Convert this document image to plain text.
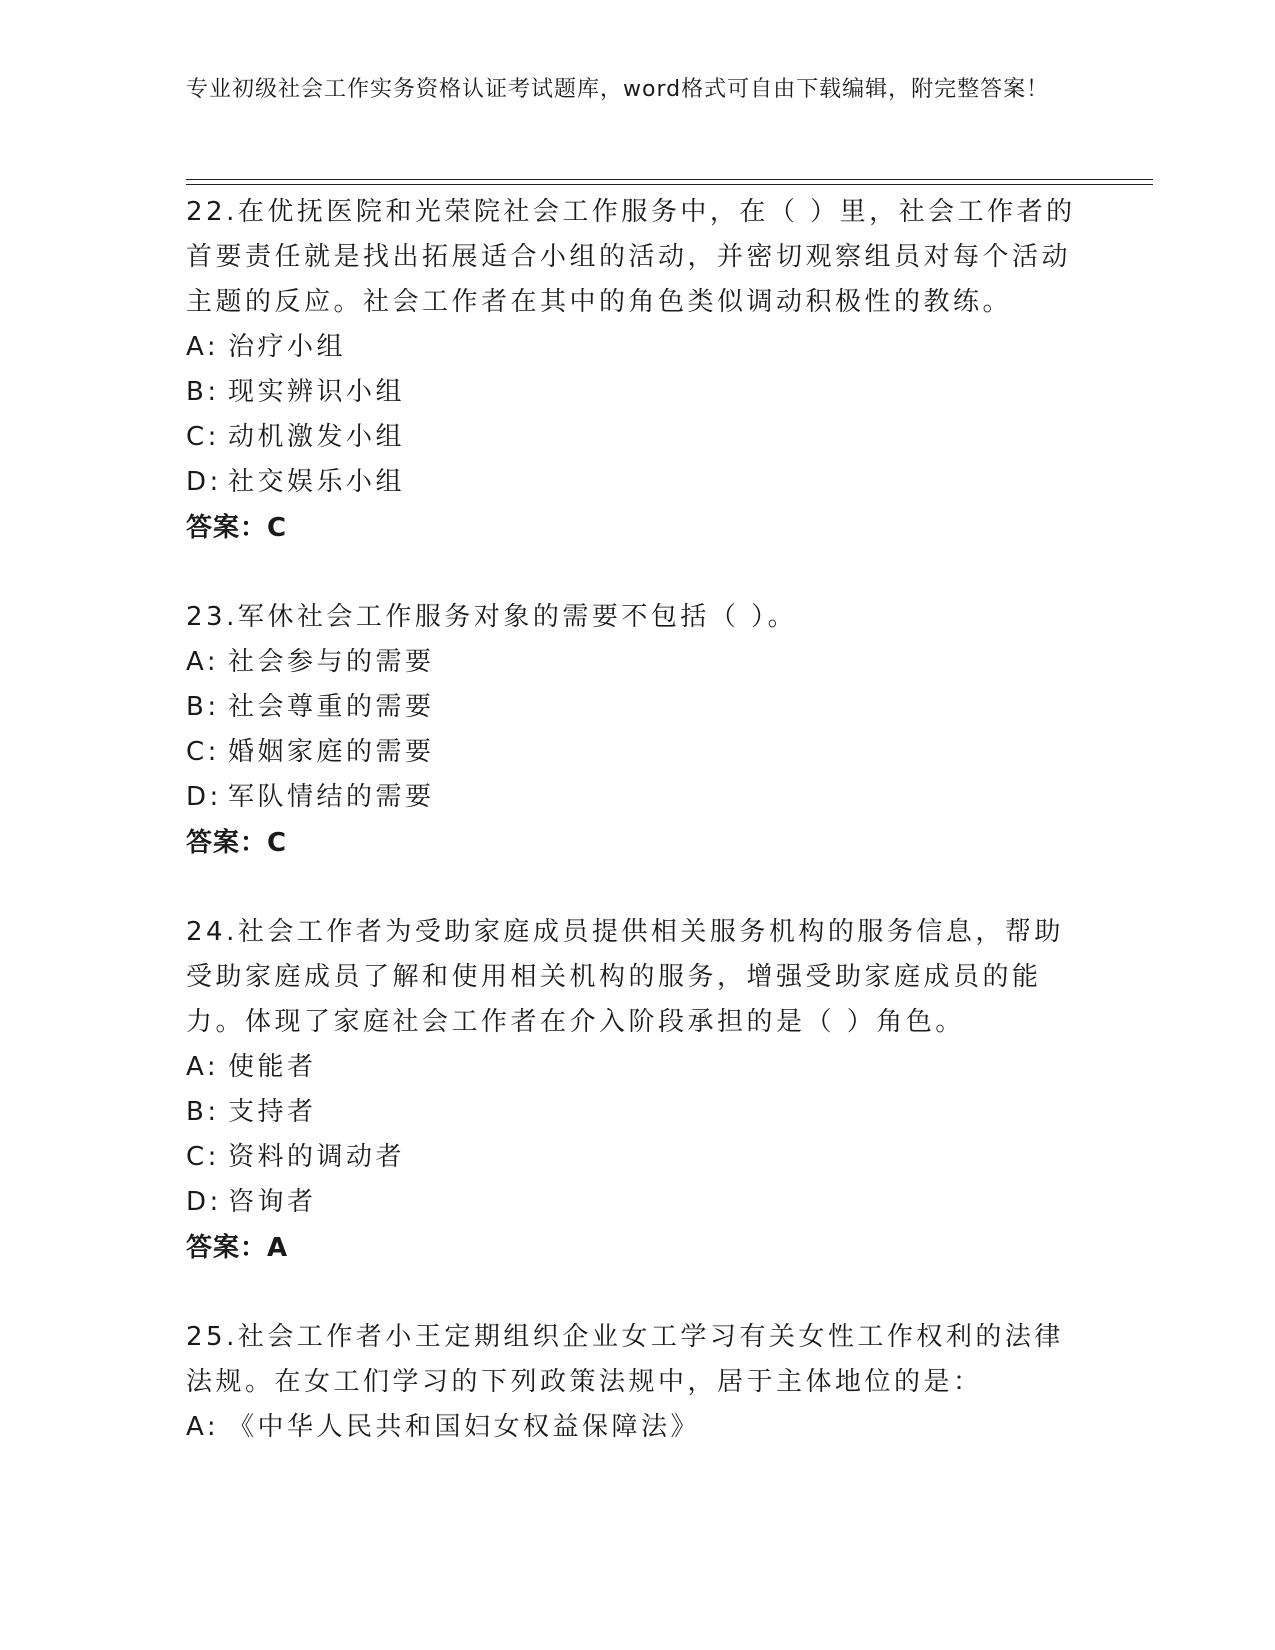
专业初级社会工作实务资格认证考试题库，word格式可自由下载编辑，附完整答案！
22.在优抚医院和光荣院社会工作服务中，在（ ）里，社会工作者的首要责任就是找出拓展适合小组的活动，并密切观察组员对每个活动主题的反应。社会工作者在其中的角色类似调动积极性的教练。
A: 治疗小组
B: 现实辨识小组
C: 动机激发小组
D: 社交娱乐小组
答案：C
23.军休社会工作服务对象的需要不包括（ ）。
A: 社会参与的需要
B: 社会尊重的需要
C: 婚姻家庭的需要
D: 军队情结的需要
答案：C
24.社会工作者为受助家庭成员提供相关服务机构的服务信息，帮助受助家庭成员了解和使用相关机构的服务，增强受助家庭成员的能力。体现了家庭社会工作者在介入阶段承担的是（ ）角色。
A: 使能者
B: 支持者
C: 资料的调动者
D: 咨询者
答案：A
25.社会工作者小王定期组织企业女工学习有关女性工作权利的法律法规。在女工们学习的下列政策法规中，居于主体地位的是：
A: 《中华人民共和国妇女权益保障法》
